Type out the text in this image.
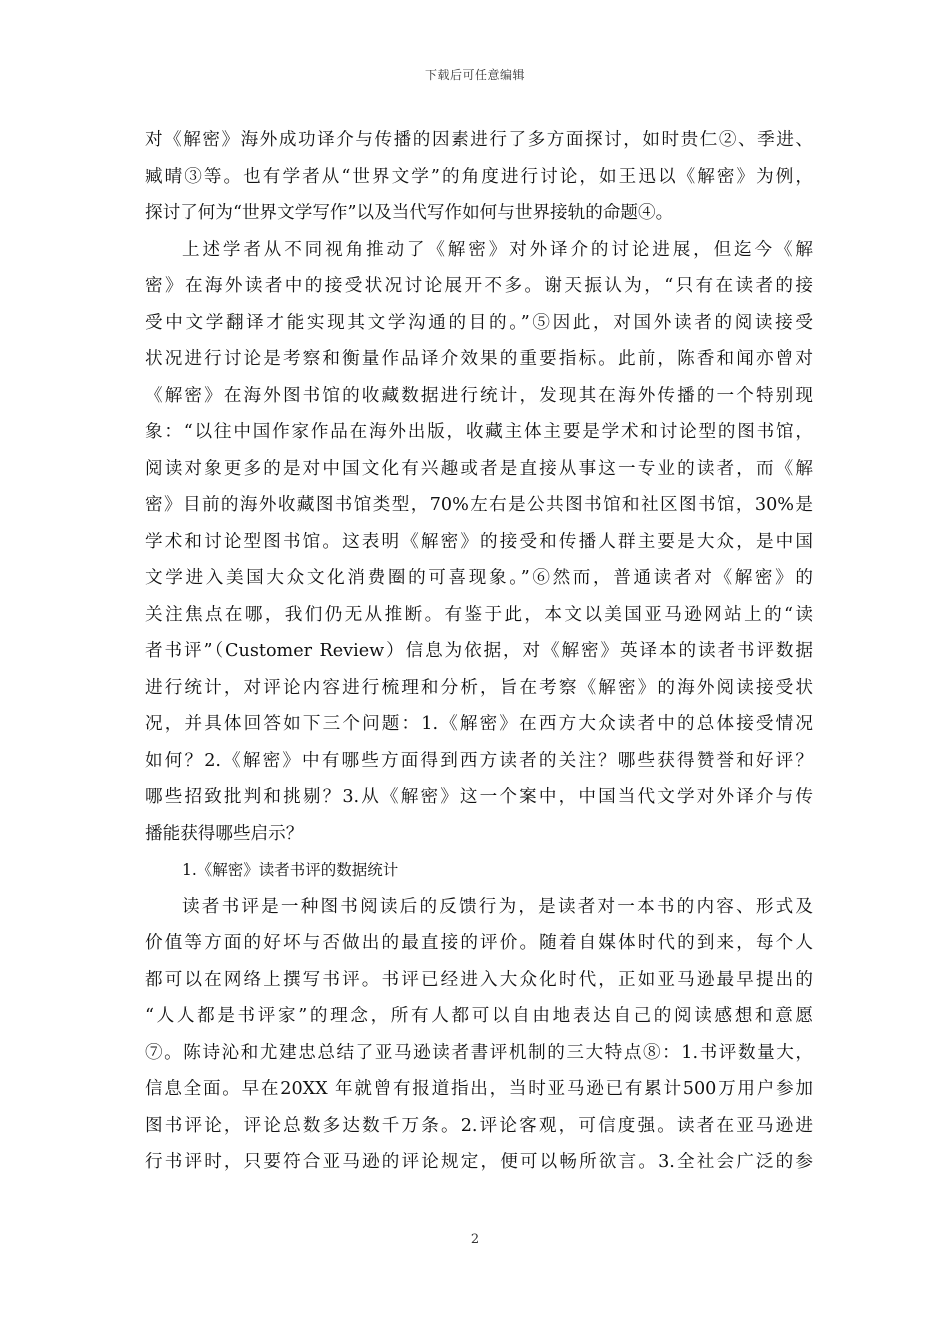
下载后可任意编辑
对《解密》海外成功译介与传播的因素进行了多方面探讨，如时贵仁②、季进、
臧晴③等。也有学者从“世界文学”的角度进行讨论，如王迅以《解密》为例，
探讨了何为“世界文学写作”以及当代写作如何与世界接轨的命题④。
上述学者从不同视角推动了《解密》对外译介的讨论进展，但迄今《解
密》在海外读者中的接受状况讨论展开不多。谢天振认为，“只有在读者的接
受中文学翻译才能实现其文学沟通的目的。”⑤因此，对国外读者的阅读接受
状况进行讨论是考察和衡量作品译介效果的重要指标。此前，陈香和闻亦曾对
《解密》在海外图书馆的收藏数据进行统计，发现其在海外传播的一个特别现
象：“以往中国作家作品在海外出版，收藏主体主要是学术和讨论型的图书馆，
阅读对象更多的是对中国文化有兴趣或者是直接从事这一专业的读者，而《解
密》目前的海外收藏图书馆类型，70%左右是公共图书馆和社区图书馆，30%是
学术和讨论型图书馆。这表明《解密》的接受和传播人群主要是大众，是中国
文学进入美国大众文化消费圈的可喜现象。”⑥然而，普通读者对《解密》的
关注焦点在哪，我们仍无从推断。有鉴于此，本文以美国亚马逊网站上的“读
者书评”（Customer Review）信息为依据，对《解密》英译本的读者书评数据
进行统计，对评论内容进行梳理和分析，旨在考察《解密》的海外阅读接受状
况，并具体回答如下三个问题：1.《解密》在西方大众读者中的总体接受情况
如何？2.《解密》中有哪些方面得到西方读者的关注？哪些获得赞誉和好评？
哪些招致批判和挑剔？3.从《解密》这一个案中，中国当代文学对外译介与传
播能获得哪些启示？
1.《解密》读者书评的数据统计
读者书评是一种图书阅读后的反馈行为，是读者对一本书的内容、形式及
价值等方面的好坏与否做出的最直接的评价。随着自媒体时代的到来，每个人
都可以在网络上撰写书评。书评已经进入大众化时代，正如亚马逊最早提出的
“人人都是书评家”的理念，所有人都可以自由地表达自己的阅读感想和意愿
⑦。陈诗沁和尤建忠总结了亚马逊读者書评机制的三大特点⑧：1.书评数量大，
信息全面。早在20XX 年就曾有报道指出，当时亚马逊已有累计500万用户参加
图书评论，评论总数多达数千万条。2.评论客观，可信度强。读者在亚马逊进
行书评时，只要符合亚马逊的评论规定，便可以畅所欲言。3.全社会广泛的参
2
